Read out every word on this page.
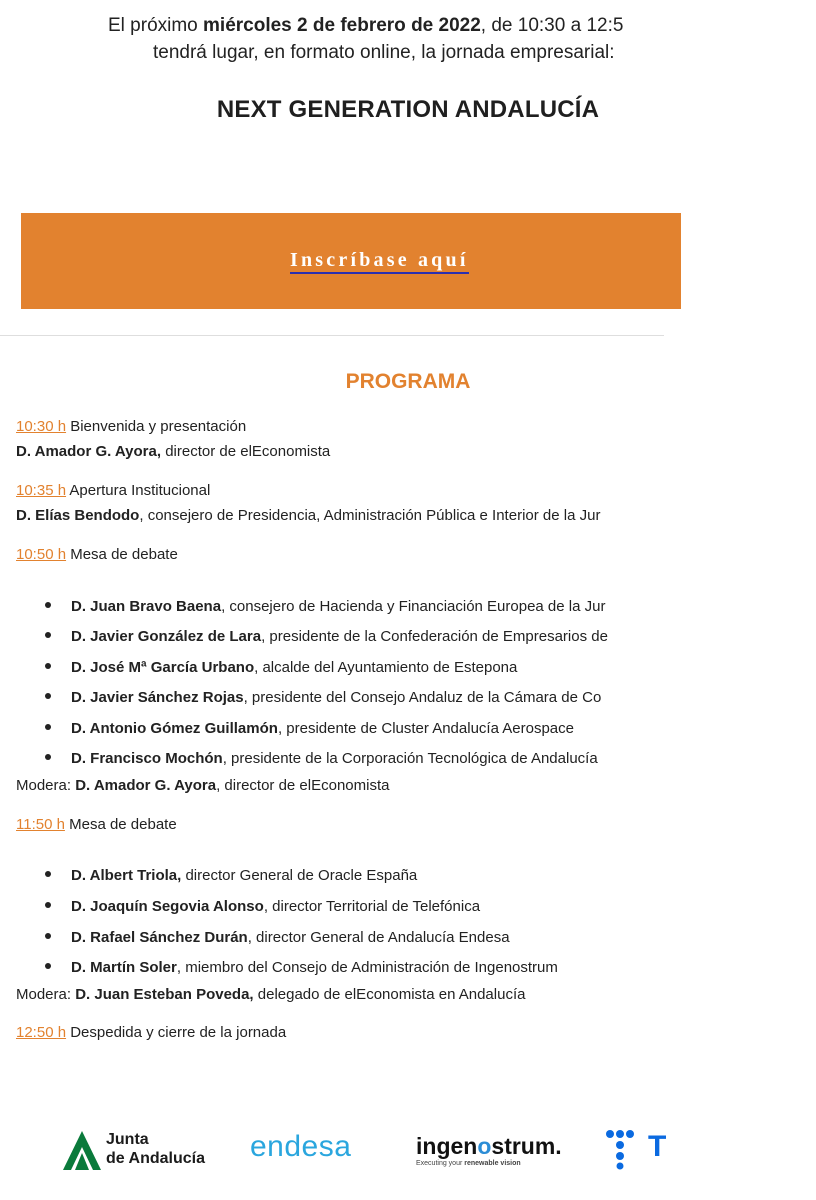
El próximo miércoles 2 de febrero de 2022, de 10:30 a 12:5
tendrá lugar, en formato online, la jornada empresarial:
NEXT GENERATION ANDALUCÍA
Inscríbase aquí
PROGRAMA
10:30 h Bienvenida y presentación
D. Amador G. Ayora, director de elEconomista
10:35 h Apertura Institucional
D. Elías Bendodo, consejero de Presidencia, Administración Pública e Interior de la Jur
10:50 h Mesa de debate
D. Juan Bravo Baena, consejero de Hacienda y Financiación Europea de la Jur
D. Javier González de Lara, presidente de la Confederación de Empresarios de
D. José Mª García Urbano, alcalde del Ayuntamiento de Estepona
D. Javier Sánchez Rojas, presidente del Consejo Andaluz de la Cámara de Co
D. Antonio Gómez Guillamón, presidente de Cluster Andalucía Aerospace
D. Francisco Mochón, presidente de la Corporación Tecnológica de Andalucía
Modera: D. Amador G. Ayora, director de elEconomista
11:50 h Mesa de debate
D. Albert Triola, director General de Oracle España
D. Joaquín Segovia Alonso, director Territorial de Telefónica
D. Rafael Sánchez Durán, director General de Andalucía Endesa
D. Martín Soler, miembro del Consejo de Administración de Ingenostrum
Modera: D. Juan Esteban Poveda, delegado de elEconomista en Andalucía
12:50 h Despedida y cierre de la jornada
Junta
de Andalucía endesa	ingenostrum.
Executing your renewable vision
T
